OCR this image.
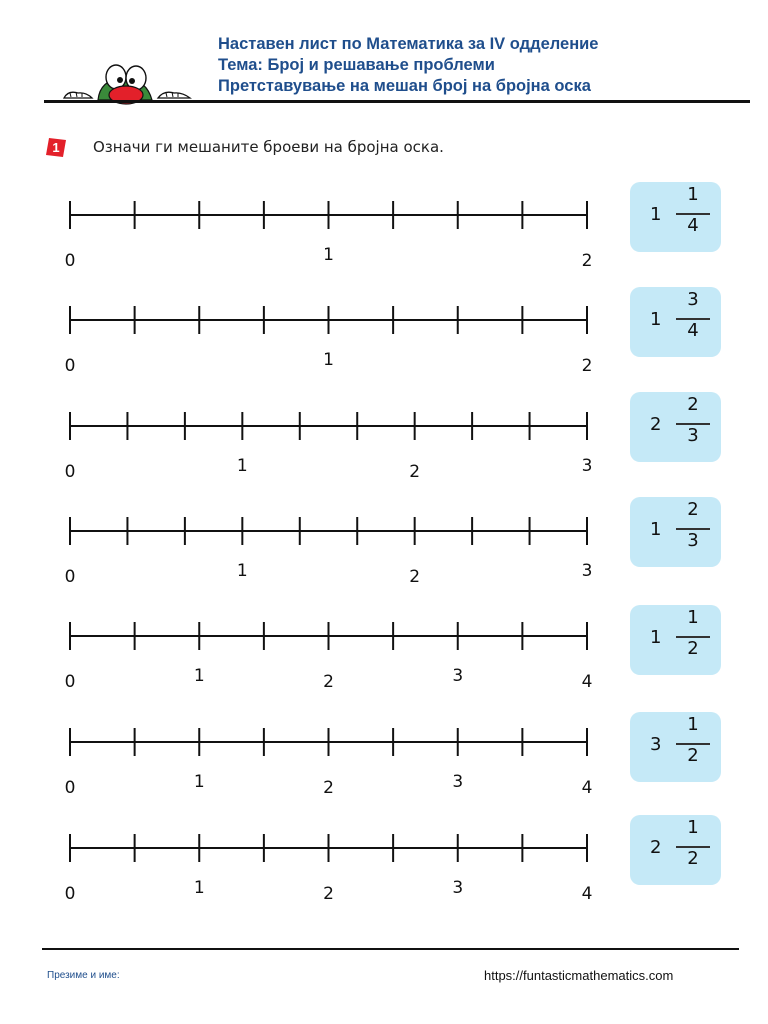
Наставен лист по Математика за IV одделение
Тема: Број и решавање проблеми
Претставување на мешан број на бројна оска
1 Означи ги мешаните броеви на бројна оска.
0	1	2
0	1	2
0	1	2	3
0	1	2	3
0	1	2	3	4
0	1	2	3	4
0	1	2	3	4
1
1
4
1
3
4
2
2
3
1
2
3
1
1
2
3
1
2
2
1
2
Презиме и име:	https://funtasticmathematics.com
